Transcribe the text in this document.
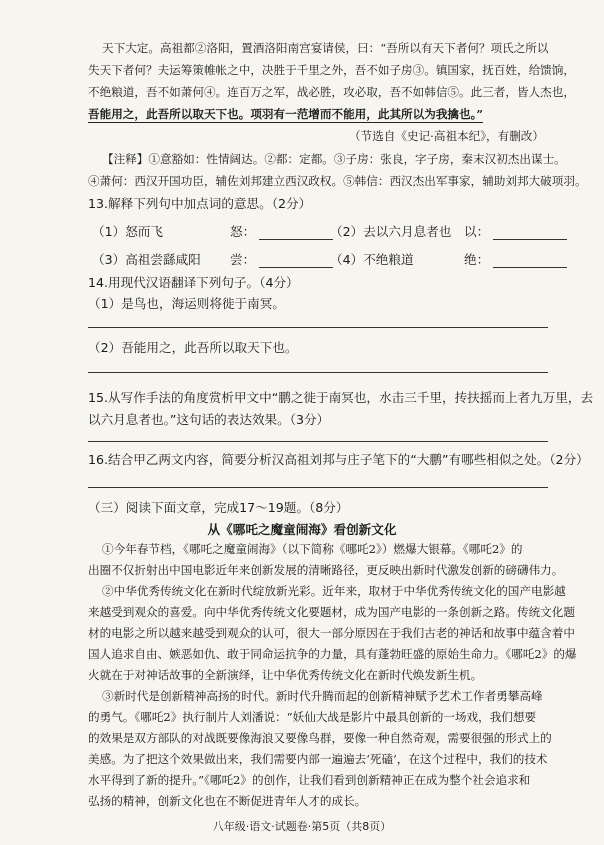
天下大定。高祖都②洛阳，置酒洛阳南宫宴请侯，曰：“吾所以有天下者何？项氏之所以
失天下者何？夫运筹策帷帐之中，决胜于千里之外，吾不如子房③。镇国家，抚百姓，给馈饷，
不绝粮道，吾不如萧何④。连百万之军，战必胜，攻必取，吾不如韩信⑤。此三者，皆人杰也，
吾能用之，此吾所以取天下也。项羽有一范增而不能用，此其所以为我擒也。”
（节选自《史记·高祖本纪》，有删改）
【注释】①意豁如：性情阔达。②都：定都。③子房：张良，字子房，秦末汉初杰出谋士。
④萧何：西汉开国功臣，辅佐刘邦建立西汉政权。⑤韩信：西汉杰出军事家，辅助刘邦大破项羽。
13.解释下列句中加点词的意思。（2分）
（1）怒而飞	怒：	（2）去以六月息者也 以：
（3）高祖尝繇咸阳 尝：	（4）不绝粮道	绝：
14.用现代汉语翻译下列句子。（4分）
（1）是鸟也，海运则将徙于南冥。
（2）吾能用之，此吾所以取天下也。
15.从写作手法的角度赏析甲文中“鹏之徙于南冥也，水击三千里，抟扶摇而上者九万里，去
以六月息者也。”这句话的表达效果。（3分）
16.结合甲乙两文内容，简要分析汉高祖刘邦与庄子笔下的“大鹏”有哪些相似之处。（2分）
（三）阅读下面文章，完成17～19题。（8分）
从《哪吒之魔童闹海》看创新文化
①今年春节档，《哪吒之魔童闹海》（以下简称《哪吒2》）燃爆大银幕。《哪吒2》的
出圈不仅折射出中国电影近年来创新发展的清晰路径，更反映出新时代激发创新的磅礴伟力。
②中华优秀传统文化在新时代绽放新光彩。近年来，取材于中华优秀传统文化的国产电影越
来越受到观众的喜爱。向中华优秀传统文化要题材，成为国产电影的一条创新之路。传统文化题
材的电影之所以越来越受到观众的认可，很大一部分原因在于我们古老的神话和故事中蕴含着中
国人追求自由、嫉恶如仇、敢于同命运抗争的力量，具有蓬勃旺盛的原始生命力。《哪吒2》的爆
火就在于对神话故事的全新演绎，让中华优秀传统文化在新时代焕发新生机。
③新时代是创新精神高扬的时代。新时代升腾而起的创新精神赋予艺术工作者勇攀高峰
的勇气。《哪吒2》执行制片人刘潘说：“妖仙大战是影片中最具创新的一场戏，我们想要
的效果是双方部队的对战既要像海浪又要像鸟群，要像一种自然奇观，需要很强的形式上的
美感。为了把这个效果做出来，我们需要内部一遍遍去‘死磕’，在这个过程中，我们的技术
水平得到了新的提升。”《哪吒2》的创作，让我们看到创新精神正在成为整个社会追求和
弘扬的精神，创新文化也在不断促进青年人才的成长。
八年级·语文·试题卷·第5页（共8页）
